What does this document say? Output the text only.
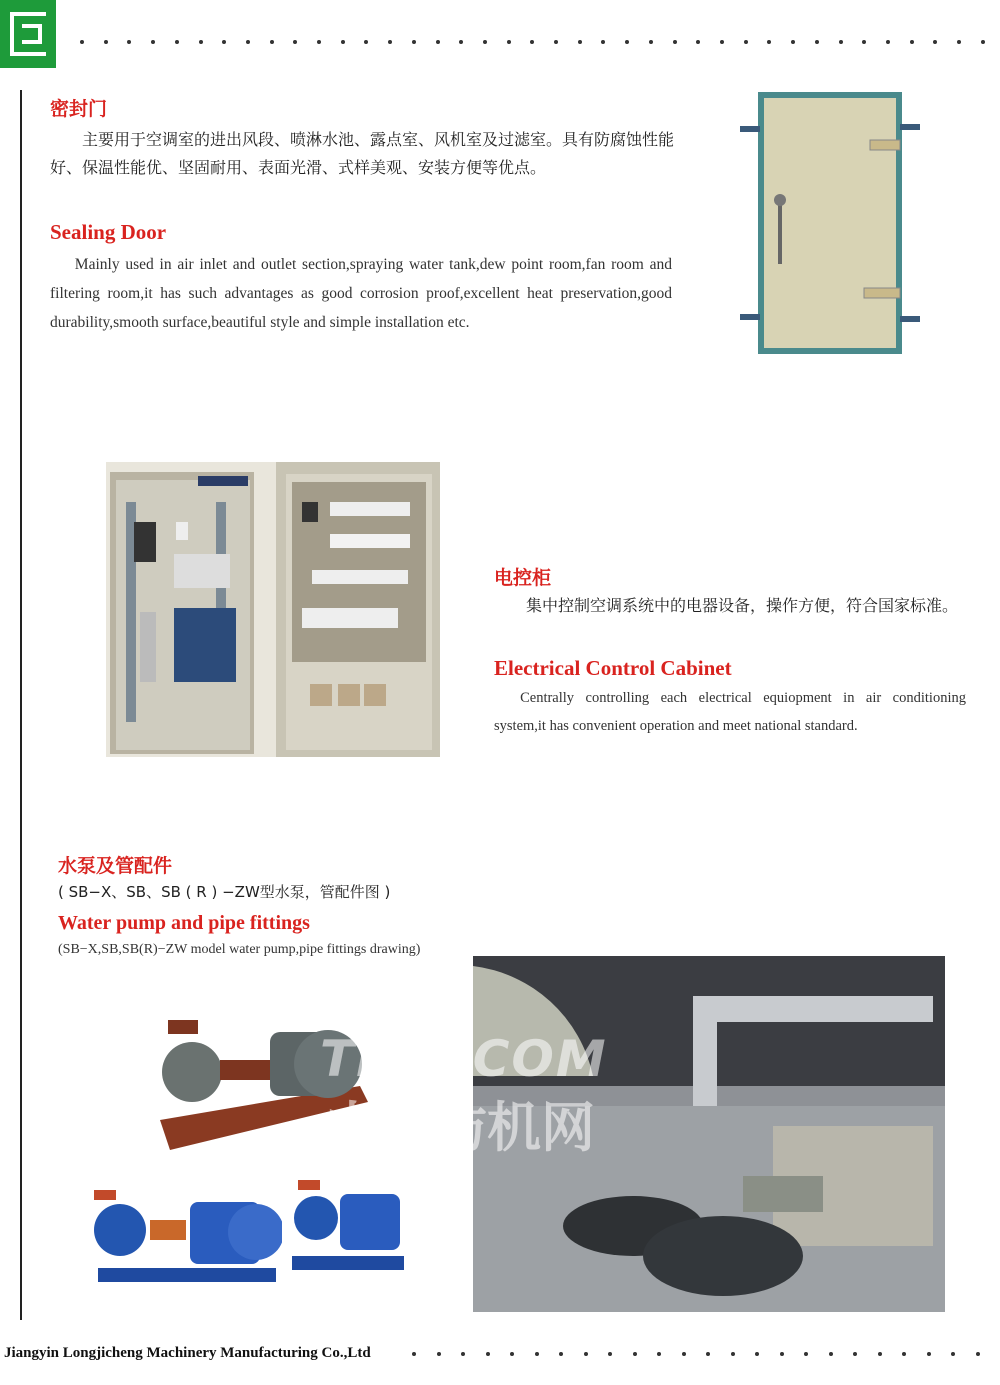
密封门
主要用于空调室的进出风段、喷淋水池、露点室、风机室及过滤室。具有防腐蚀性能好、保温性能优、坚固耐用、表面光滑、式样美观、安装方便等优点。
Sealing Door
Mainly used in air inlet and outlet section,spraying water tank,dew point room,fan room and filtering room,it has such advantages as good corrosion proof,excellent heat preservation,good durability,smooth surface,beautiful style and simple installation etc.
电控柜
集中控制空调系统中的电器设备，操作方便，符合国家标准。
Electrical Control Cabinet
Centrally controlling each electrical equiopment in air conditioning system,it has convenient operation and meet national standard.
水泵及管配件
( SB−X、SB、SB ( R ) −ZW型水泵，管配件图 )
Water pump and pipe fittings
(SB−X,SB,SB(R)−ZW model water pump,pipe fittings drawing)
TMN.COM
中国纺机网
Jiangyin Longjicheng Machinery Manufacturing Co.,Ltd
